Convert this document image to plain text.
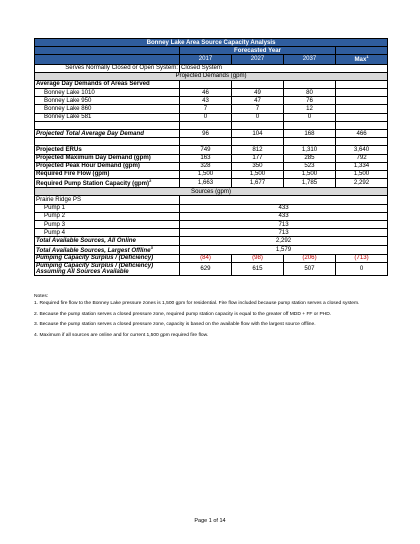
Bonney Lake Area Source Capacity Analysis				
	Forecasted Year			
	2017	2027	2037	Max$^1$
Serves Normally Closed or Open System:	Closed System			
Projected Demands (gpm)				
Average Day Demands of Areas Served				
Bonney Lake 1010	46	49	80	
Bonney Lake 950	43	47	76	
Bonney Lake 860	7	7	12	
Bonney Lake 581	0	0	0	

Projected Total Average Day Demand	96	104	168	466

Projected ERUs	749	812	1,310	3,640
Projected Maximum Day Demand (gpm)	163	177	285	792
Projected Peak Hour Demand (gpm)	328	350	523	1,334
Required Fire Flow (gpm)	1,500	1,500	1,500	1,500
Required Pump Station Capacity (gpm)$^2$	1,663	1,677	1,785	2,292
Sources (gpm)				
Prairie Ridge PS				
Pump 1	433			
Pump 2	433			
Pump 3	713			
Pump 4	713			
Total Available Sources, All Online	2,292			
Total Available Sources, Largest Offline$^3$	1,579			
Pumping Capacity Surplus / (Deficiency)	(84)	(98)	(206)	(713)

Pumping Capacity Surplus / (Deficiency)
Assuming All Sources Available	629	615	507	0

Notes:

1. Required fire flow to the Bonney Lake pressure zones is 1,500 gpm for residential. Fire flow included because pump station serves a closed system.

2. Because the pump station serves a closed pressure zone, required pump station capacity is equal to the greater off MDD + FF or PHD.

3. Because the pump station serves a closed pressure zone, capacity is based on the available flow with the largest source offline.

4. Maximum if all sources are online and for current 1,500 gpm required fire flow.

Page 1 of 14
